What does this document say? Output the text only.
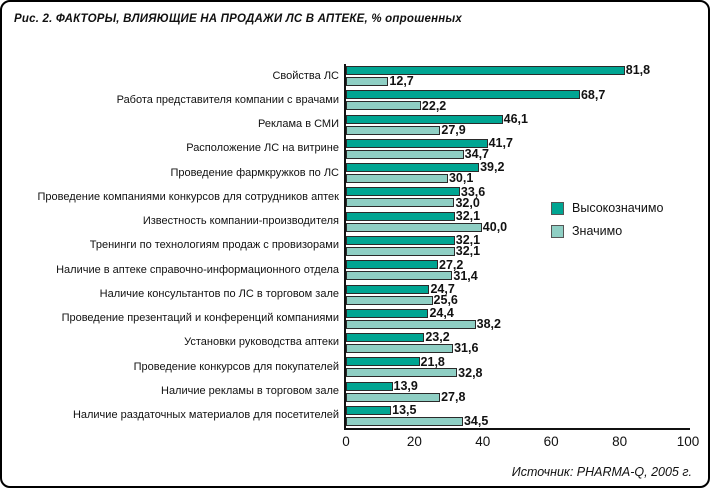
Рис. 2. ФАКТОРЫ, ВЛИЯЮЩИЕ НА ПРОДАЖИ ЛС В АПТЕКЕ, % опрошенных
Свойства ЛС	81,8
12,7
Работа представителя компании с врачами	68,7
22,2
Реклама в СМИ	46,1
27,9
Расположение ЛС на витрине	41,7
34,7
Проведение фармкружков по ЛС	39,2
30,1
Проведение компаниями конкурсов для сотрудников аптек	33,6
32,0
Известность компании-производителя	32,1
40,0
Тренинги по технологиям продаж с провизорами	32,1
32,1
Наличие в аптеке справочно-информационного отдела	27,2
31,4
Наличие консультантов по ЛС в торговом зале	24,7
25,6
Проведение презентаций и конференций компаниями	24,4
38,2
Установки руководства аптеки	23,2
31,6
Проведение конкурсов для покупателей	21,8
32,8
Наличие рекламы в торговом зале	13,9
27,8
Наличие раздаточных материалов для посетителей	13,5
34,5
0	20	40	60	80	100
Высокозначимо
Значимо
Источник: PHARMA-Q, 2005 г.
